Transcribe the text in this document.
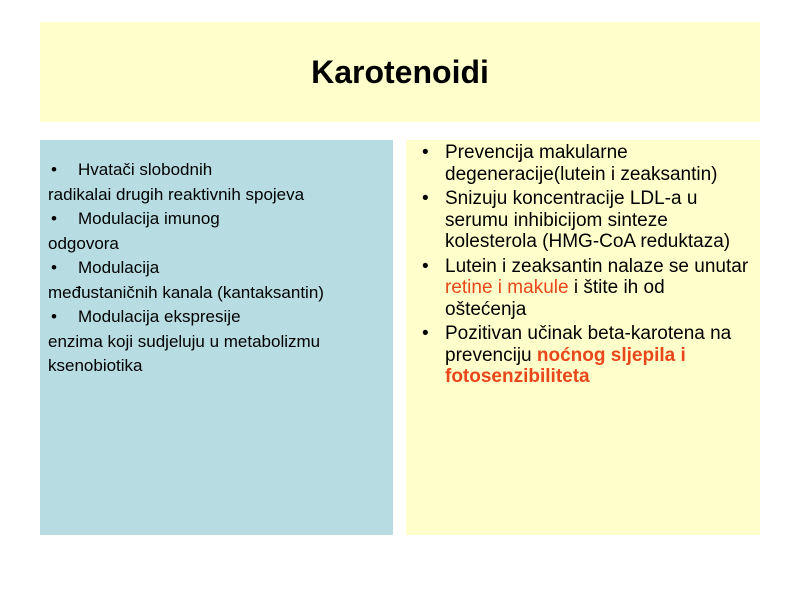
Karotenoidi
• Hvatači slobodnih
radikalai drugih reaktivnih spojeva
• Modulacija imunog
odgovora
• Modulacija
međustaničnih kanala (kantaksantin)
• Modulacija ekspresije
enzima koji sudjeluju u metabolizmu ksenobiotika
• Prevencija makularne degeneracije(lutein i zeaksantin)
• Snizuju koncentracije LDL-a u serumu inhibicijom sinteze kolesterola (HMG-CoA reduktaza)
• Lutein i zeaksantin nalaze se unutar retine i makule i štite ih od oštećenja
• Pozitivan učinak beta-karotena na prevenciju noćnog sljepila i fotosenzibiliteta
